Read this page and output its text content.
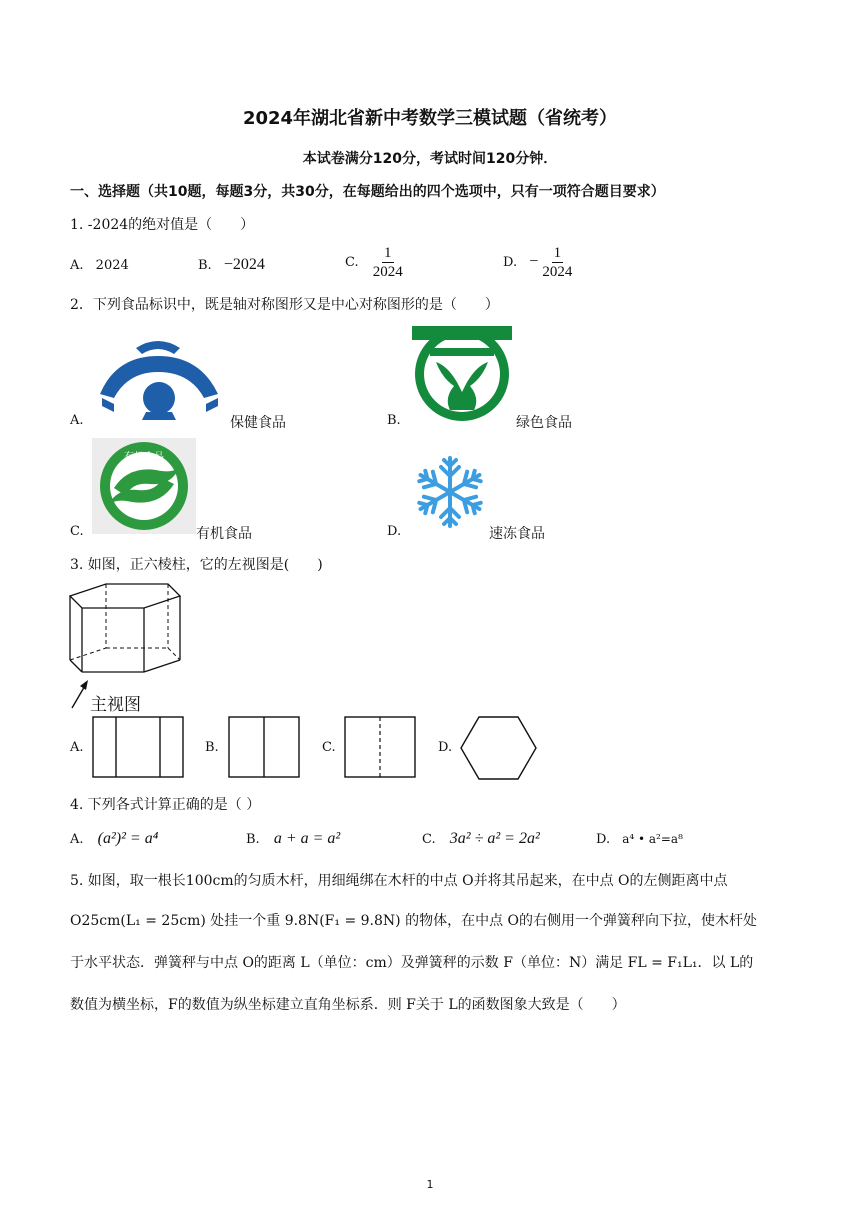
2024年湖北省新中考数学三模试题（省统考）
本试卷满分120分，考试时间120分钟．
一、选择题（共10题，每题3分，共30分，在每题给出的四个选项中，只有一项符合题目要求）
1. -2024的绝对值是（　　）
A. 2024	B. −2024	C. $\frac{1}{2024}$	D. − $\frac{1}{2024}$
2．下列食品标识中，既是轴对称图形又是中心对称图形的是（　　）
A.	保健食品	B.	绿色食品
C.
有机食品
有机食品	D.	速冻食品
3. 如图，正六棱柱，它的左视图是(　　)
主视图
A.	B.	C.	D.
4. 下列各式计算正确的是（ ）
A. (a²)² = a⁴	B. a + a = a²	C. 3a² ÷ a² = 2a²	D. a⁴ • a²=a⁸
5. 如图，取一根长100cm的匀质木杆，用细绳绑在木杆的中点 O并将其吊起来，在中点 O的左侧距离中点
O25cm(L₁ = 25cm) 处挂一个重 9.8N(F₁ = 9.8N) 的物体，在中点 O的右侧用一个弹簧秤向下拉，使木杆处
于水平状态．弹簧秤与中点 O的距离 L（单位：cm）及弹簧秤的示数 F（单位：N）满足 FL = F₁L₁．以 L的
数值为横坐标，F的数值为纵坐标建立直角坐标系．则 F关于 L的函数图象大致是（　　）
1
